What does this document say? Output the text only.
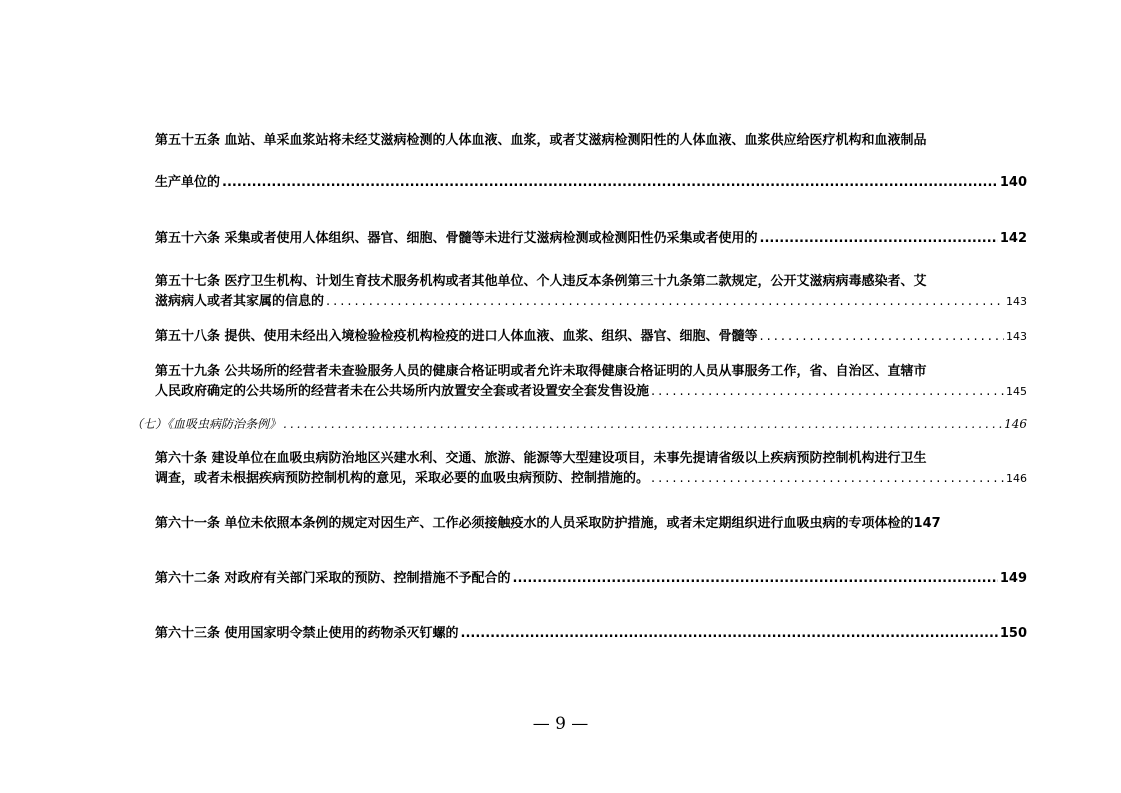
第五十五条 血站、单采血浆站将未经艾滋病检测的人体血液、血浆，或者艾滋病检测阳性的人体血液、血浆供应给医疗机构和血液制品
生产单位的 .....	140
第五十六条 采集或者使用人体组织、器官、细胞、骨髓等未进行艾滋病检测或检测阳性仍采集或者使用的 .....	142
第五十七条 医疗卫生机构、计划生育技术服务机构或者其他单位、个人违反本条例第三十九条第二款规定，公开艾滋病病毒感染者、艾
滋病病人或者其家属的信息的 .....	143
第五十八条 提供、使用未经出入境检验检疫机构检疫的进口人体血液、血浆、组织、器官、细胞、骨髓等 .....	143
第五十九条 公共场所的经营者未查验服务人员的健康合格证明或者允许未取得健康合格证明的人员从事服务工作，省、自治区、直辖市
人民政府确定的公共场所的经营者未在公共场所内放置安全套或者设置安全套发售设施 .....	145
（七）《血吸虫病防治条例》 .....	146
第六十条 建设单位在血吸虫病防治地区兴建水利、交通、旅游、能源等大型建设项目，未事先提请省级以上疾病预防控制机构进行卫生
调查，或者未根据疾病预防控制机构的意见，采取必要的血吸虫病预防、控制措施的。 .....	146
第六十一条 单位未依照本条例的规定对因生产、工作必须接触疫水的人员采取防护措施，或者未定期组织进行血吸虫病的专项体检的 147
第六十二条 对政府有关部门采取的预防、控制措施不予配合的 .....	149
第六十三条 使用国家明令禁止使用的药物杀灭钉螺的 .....	150
— 9 —
